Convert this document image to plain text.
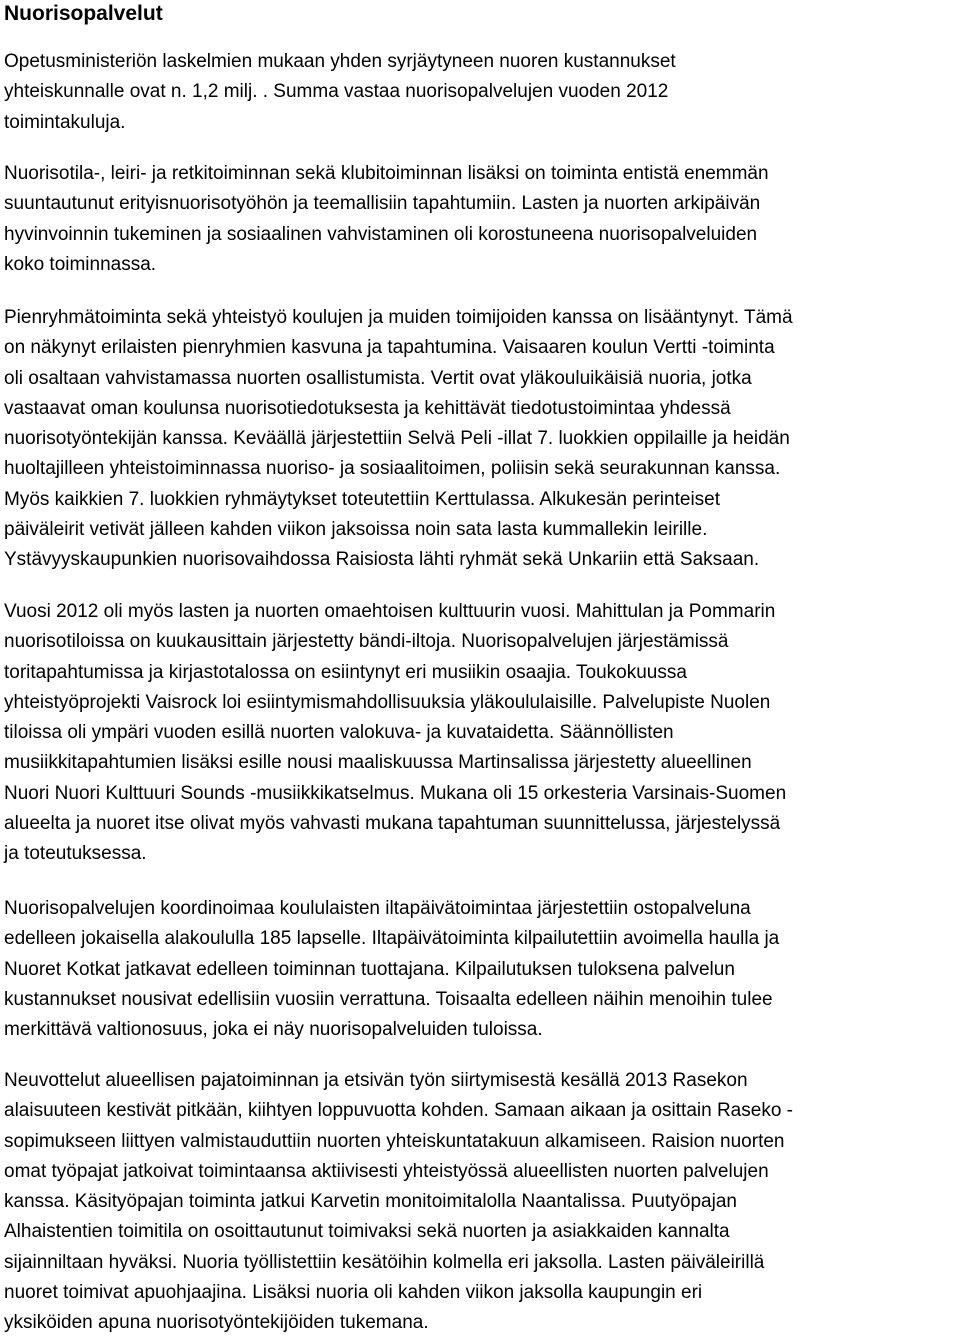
Nuorisopalvelut

Opetusministeriön laskelmien mukaan yhden syrjäytyneen nuoren kustannukset
yhteiskunnalle ovat n. 1,2 milj. . Summa vastaa nuorisopalvelujen vuoden 2012
toimintakuluja.

Nuorisotila-, leiri- ja retkitoiminnan sekä klubitoiminnan lisäksi on toiminta entistä enemmän
suuntautunut erityisnuorisotyöhön ja teemallisiin tapahtumiin. Lasten ja nuorten arkipäivän
hyvinvoinnin tukeminen ja sosiaalinen vahvistaminen oli korostuneena nuorisopalveluiden
koko toiminnassa.

Pienryhmätoiminta sekä yhteistyö koulujen ja muiden toimijoiden kanssa on lisääntynyt. Tämä
on näkynyt erilaisten pienryhmien kasvuna ja tapahtumina. Vaisaaren koulun Vertti -toiminta
oli osaltaan vahvistamassa nuorten osallistumista. Vertit ovat yläkouluikäisiä nuoria, jotka
vastaavat oman koulunsa nuorisotiedotuksesta ja kehittävät tiedotustoimintaa yhdessä
nuorisotyöntekijän kanssa. Keväällä järjestettiin Selvä Peli -illat 7. luokkien oppilaille ja heidän
huoltajilleen yhteistoiminnassa nuoriso- ja sosiaalitoimen, poliisin sekä seurakunnan kanssa.
Myös kaikkien 7. luokkien ryhmäytykset toteutettiin Kerttulassa. Alkukesän perinteiset
päiväleirit vetivät jälleen kahden viikon jaksoissa noin sata lasta kummallekin leirille.
Ystävyyskaupunkien nuorisovaihdossa Raisiosta lähti ryhmät sekä Unkariin että Saksaan.

Vuosi 2012 oli myös lasten ja nuorten omaehtoisen kulttuurin vuosi. Mahittulan ja Pommarin
nuorisotiloissa on kuukausittain järjestetty bändi-iltoja. Nuorisopalvelujen järjestämissä
toritapahtumissa ja kirjastotalossa on esiintynyt eri musiikin osaajia. Toukokuussa
yhteistyöprojekti Vaisrock loi esiintymismahdollisuuksia yläkoululaisille. Palvelupiste Nuolen
tiloissa oli ympäri vuoden esillä nuorten valokuva- ja kuvataidetta. Säännöllisten
musiikkitapahtumien lisäksi esille nousi maaliskuussa Martinsalissa järjestetty alueellinen
Nuori Nuori Kulttuuri Sounds -musiikkikatselmus. Mukana oli 15 orkesteria Varsinais-Suomen
alueelta ja nuoret itse olivat myös vahvasti mukana tapahtuman suunnittelussa, järjestelyssä
ja toteutuksessa.

Nuorisopalvelujen koordinoimaa koululaisten iltapäivätoimintaa järjestettiin ostopalveluna
edelleen jokaisella alakoululla 185 lapselle. Iltapäivätoiminta kilpailutettiin avoimella haulla ja
Nuoret Kotkat jatkavat edelleen toiminnan tuottajana. Kilpailutuksen tuloksena palvelun
kustannukset nousivat edellisiin vuosiin verrattuna. Toisaalta edelleen näihin menoihin tulee
merkittävä valtionosuus, joka ei näy nuorisopalveluiden tuloissa.

Neuvottelut alueellisen pajatoiminnan ja etsivän työn siirtymisestä kesällä 2013 Rasekon
alaisuuteen kestivät pitkään, kiihtyen loppuvuotta kohden. Samaan aikaan ja osittain Raseko -
sopimukseen liittyen valmistauduttiin nuorten yhteiskuntatakuun alkamiseen. Raision nuorten
omat työpajat jatkoivat toimintaansa aktiivisesti yhteistyössä alueellisten nuorten palvelujen
kanssa. Käsityöpajan toiminta jatkui Karvetin monitoimitalolla Naantalissa. Puutyöpajan
Alhaistentien toimitila on osoittautunut toimivaksi sekä nuorten ja asiakkaiden kannalta
sijainniltaan hyväksi. Nuoria työllistettiin kesätöihin kolmella eri jaksolla. Lasten päiväleirillä
nuoret toimivat apuohjaajina. Lisäksi nuoria oli kahden viikon jaksolla kaupungin eri
yksiköiden apuna nuorisotyöntekijöiden tukemana.
